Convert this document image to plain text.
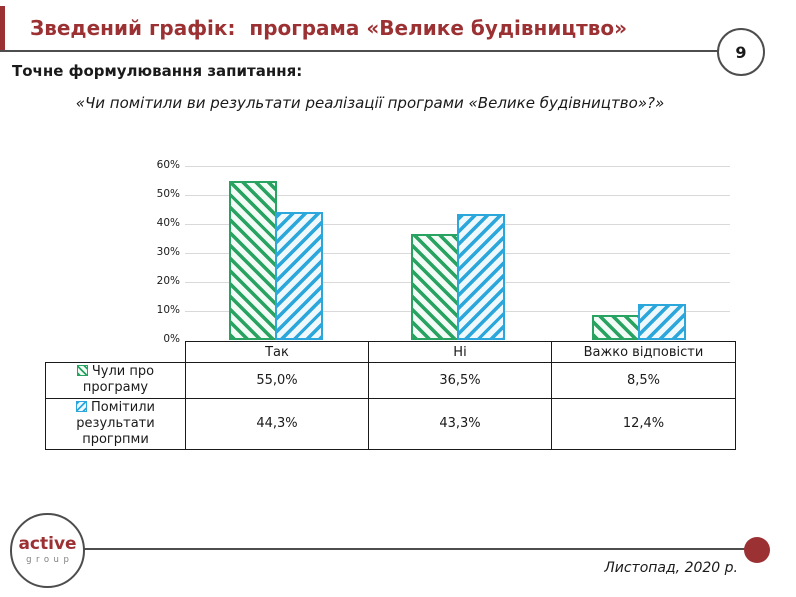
Зведений графік:  програма «Велике будівництво»
9
Точне формулювання запитання:
«Чи помітили ви результати реалізації програми «Велике будівництво»?»
0%
10%
20%
30%
40%
50%
60%
	Так	Ні	Важко відповісти
Чули про програму	55,0%	36,5%	8,5%
Помітили результати прогрпми	44,3%	43,3%	12,4%
active
group	Листопад, 2020 р.
